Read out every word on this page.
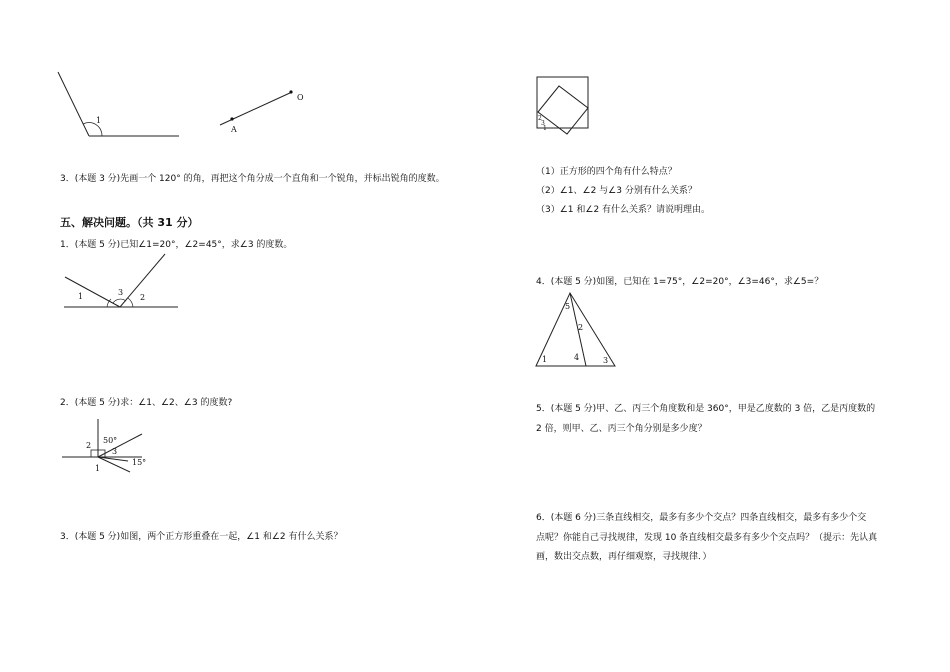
1
A
O
3．(本题 3 分)先画一个 120° 的角，再把这个角分成一个直角和一个锐角，并标出锐角的度数。
五、解决问题。（共 31 分）
1．(本题 5 分)已知∠1=20°，∠2=45°，求∠3 的度数。
1	3
2
2．(本题 5 分)求：∠1、∠2、∠3 的度数?
2
50°
3
15°
1
3．(本题 5 分)如图，两个正方形重叠在一起，∠1 和∠2 有什么关系？
2
3
1
（1）正方形的四个角有什么特点？
（2）∠1、∠2 与∠3 分别有什么关系？
（3）∠1 和∠2 有什么关系？请说明理由。
4．(本题 5 分)如图，已知在 1=75°，∠2=20°，∠3=46°，求∠5=？
5
2
1	4	3
5．(本题 5 分)甲、乙、丙三个角度数和是 360°，甲是乙度数的 3 倍，乙是丙度数的
2 倍，则甲、乙、丙三个角分别是多少度？
6．(本题 6 分)三条直线相交，最多有多少个交点？四条直线相交，最多有多少个交
点呢？你能自己寻找规律，发现 10 条直线相交最多有多少个交点吗？（提示：先认真
画，数出交点数，再仔细观察，寻找规律．）
